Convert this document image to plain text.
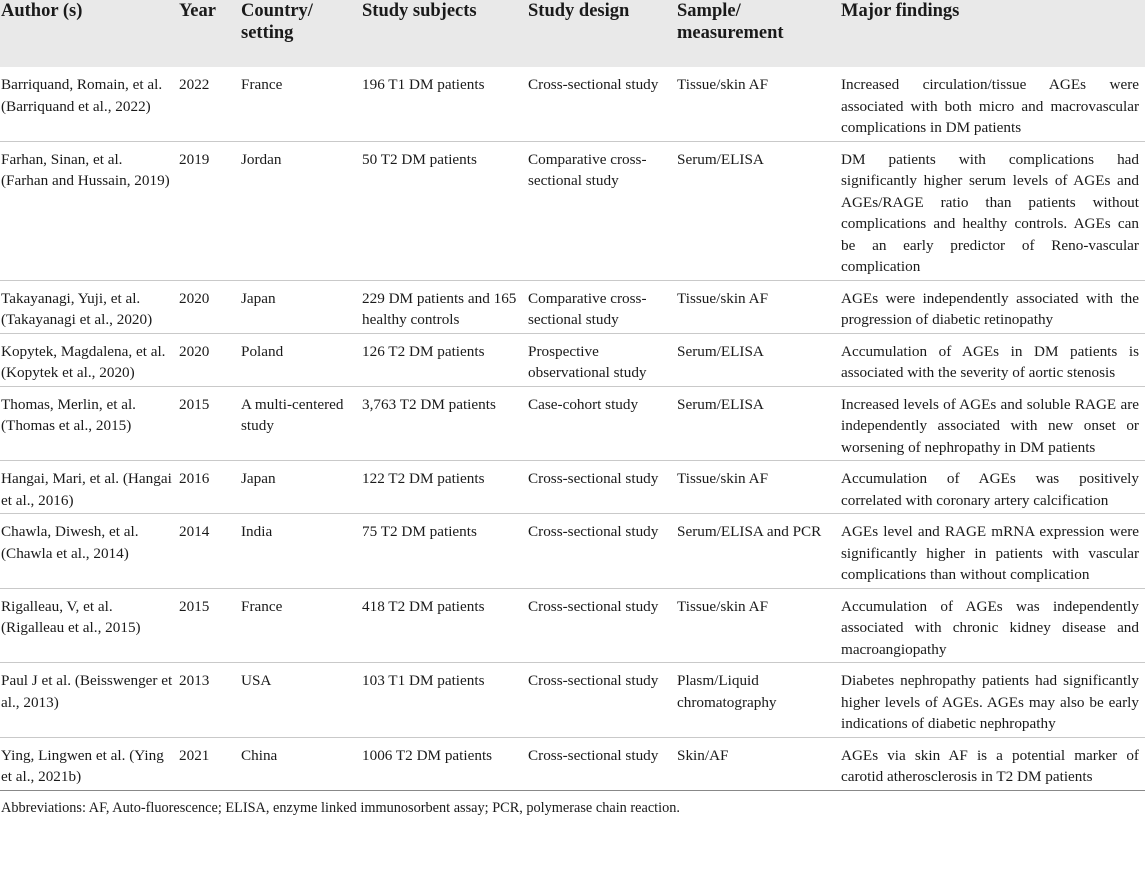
Author (s)	Year	Country/ setting	Study subjects	Study design	Sample/ measurement	Major findings
Barriquand, Romain, et al. (Barriquand et al., 2022)	2022	France	196 T1 DM patients	Cross-sectional study	Tissue/skin AF	Increased circulation/tissue AGEs were associated with both micro and macrovascular complications in DM patients
Farhan, Sinan, et al. (Farhan and Hussain, 2019)	2019	Jordan	50 T2 DM patients	Comparative cross-sectional study	Serum/ELISA	DM patients with complications had significantly higher serum levels of AGEs and AGEs/RAGE ratio than patients without complications and healthy controls. AGEs can be an early predictor of Reno-vascular complication
Takayanagi, Yuji, et al. (Takayanagi et al., 2020)	2020	Japan	229 DM patients and 165 healthy controls	Comparative cross-sectional study	Tissue/skin AF	AGEs were independently associated with the progression of diabetic retinopathy
Kopytek, Magdalena, et al. (Kopytek et al., 2020)	2020	Poland	126 T2 DM patients	Prospective observational study	Serum/ELISA	Accumulation of AGEs in DM patients is associated with the severity of aortic stenosis
Thomas, Merlin, et al. (Thomas et al., 2015)	2015	A multi-centered study	3,763 T2 DM patients	Case-cohort study	Serum/ELISA	Increased levels of AGEs and soluble RAGE are independently associated with new onset or worsening of nephropathy in DM patients
Hangai, Mari, et al. (Hangai et al., 2016)	2016	Japan	122 T2 DM patients	Cross-sectional study	Tissue/skin AF	Accumulation of AGEs was positively correlated with coronary artery calcification
Chawla, Diwesh, et al. (Chawla et al., 2014)	2014	India	75 T2 DM patients	Cross-sectional study	Serum/ELISA and PCR	AGEs level and RAGE mRNA expression were significantly higher in patients with vascular complications than without complication
Rigalleau, V, et al. (Rigalleau et al., 2015)	2015	France	418 T2 DM patients	Cross-sectional study	Tissue/skin AF	Accumulation of AGEs was independently associated with chronic kidney disease and macroangiopathy
Paul J et al. (Beisswenger et al., 2013)	2013	USA	103 T1 DM patients	Cross-sectional study	Plasm/Liquid chromatography	Diabetes nephropathy patients had significantly higher levels of AGEs. AGEs may also be early indications of diabetic nephropathy
Ying, Lingwen et al. (Ying et al., 2021b)	2021	China	1006 T2 DM patients	Cross-sectional study	Skin/AF	AGEs via skin AF is a potential marker of carotid atherosclerosis in T2 DM patients
Abbreviations: AF, Auto-fluorescence; ELISA, enzyme linked immunosorbent assay; PCR, polymerase chain reaction.
